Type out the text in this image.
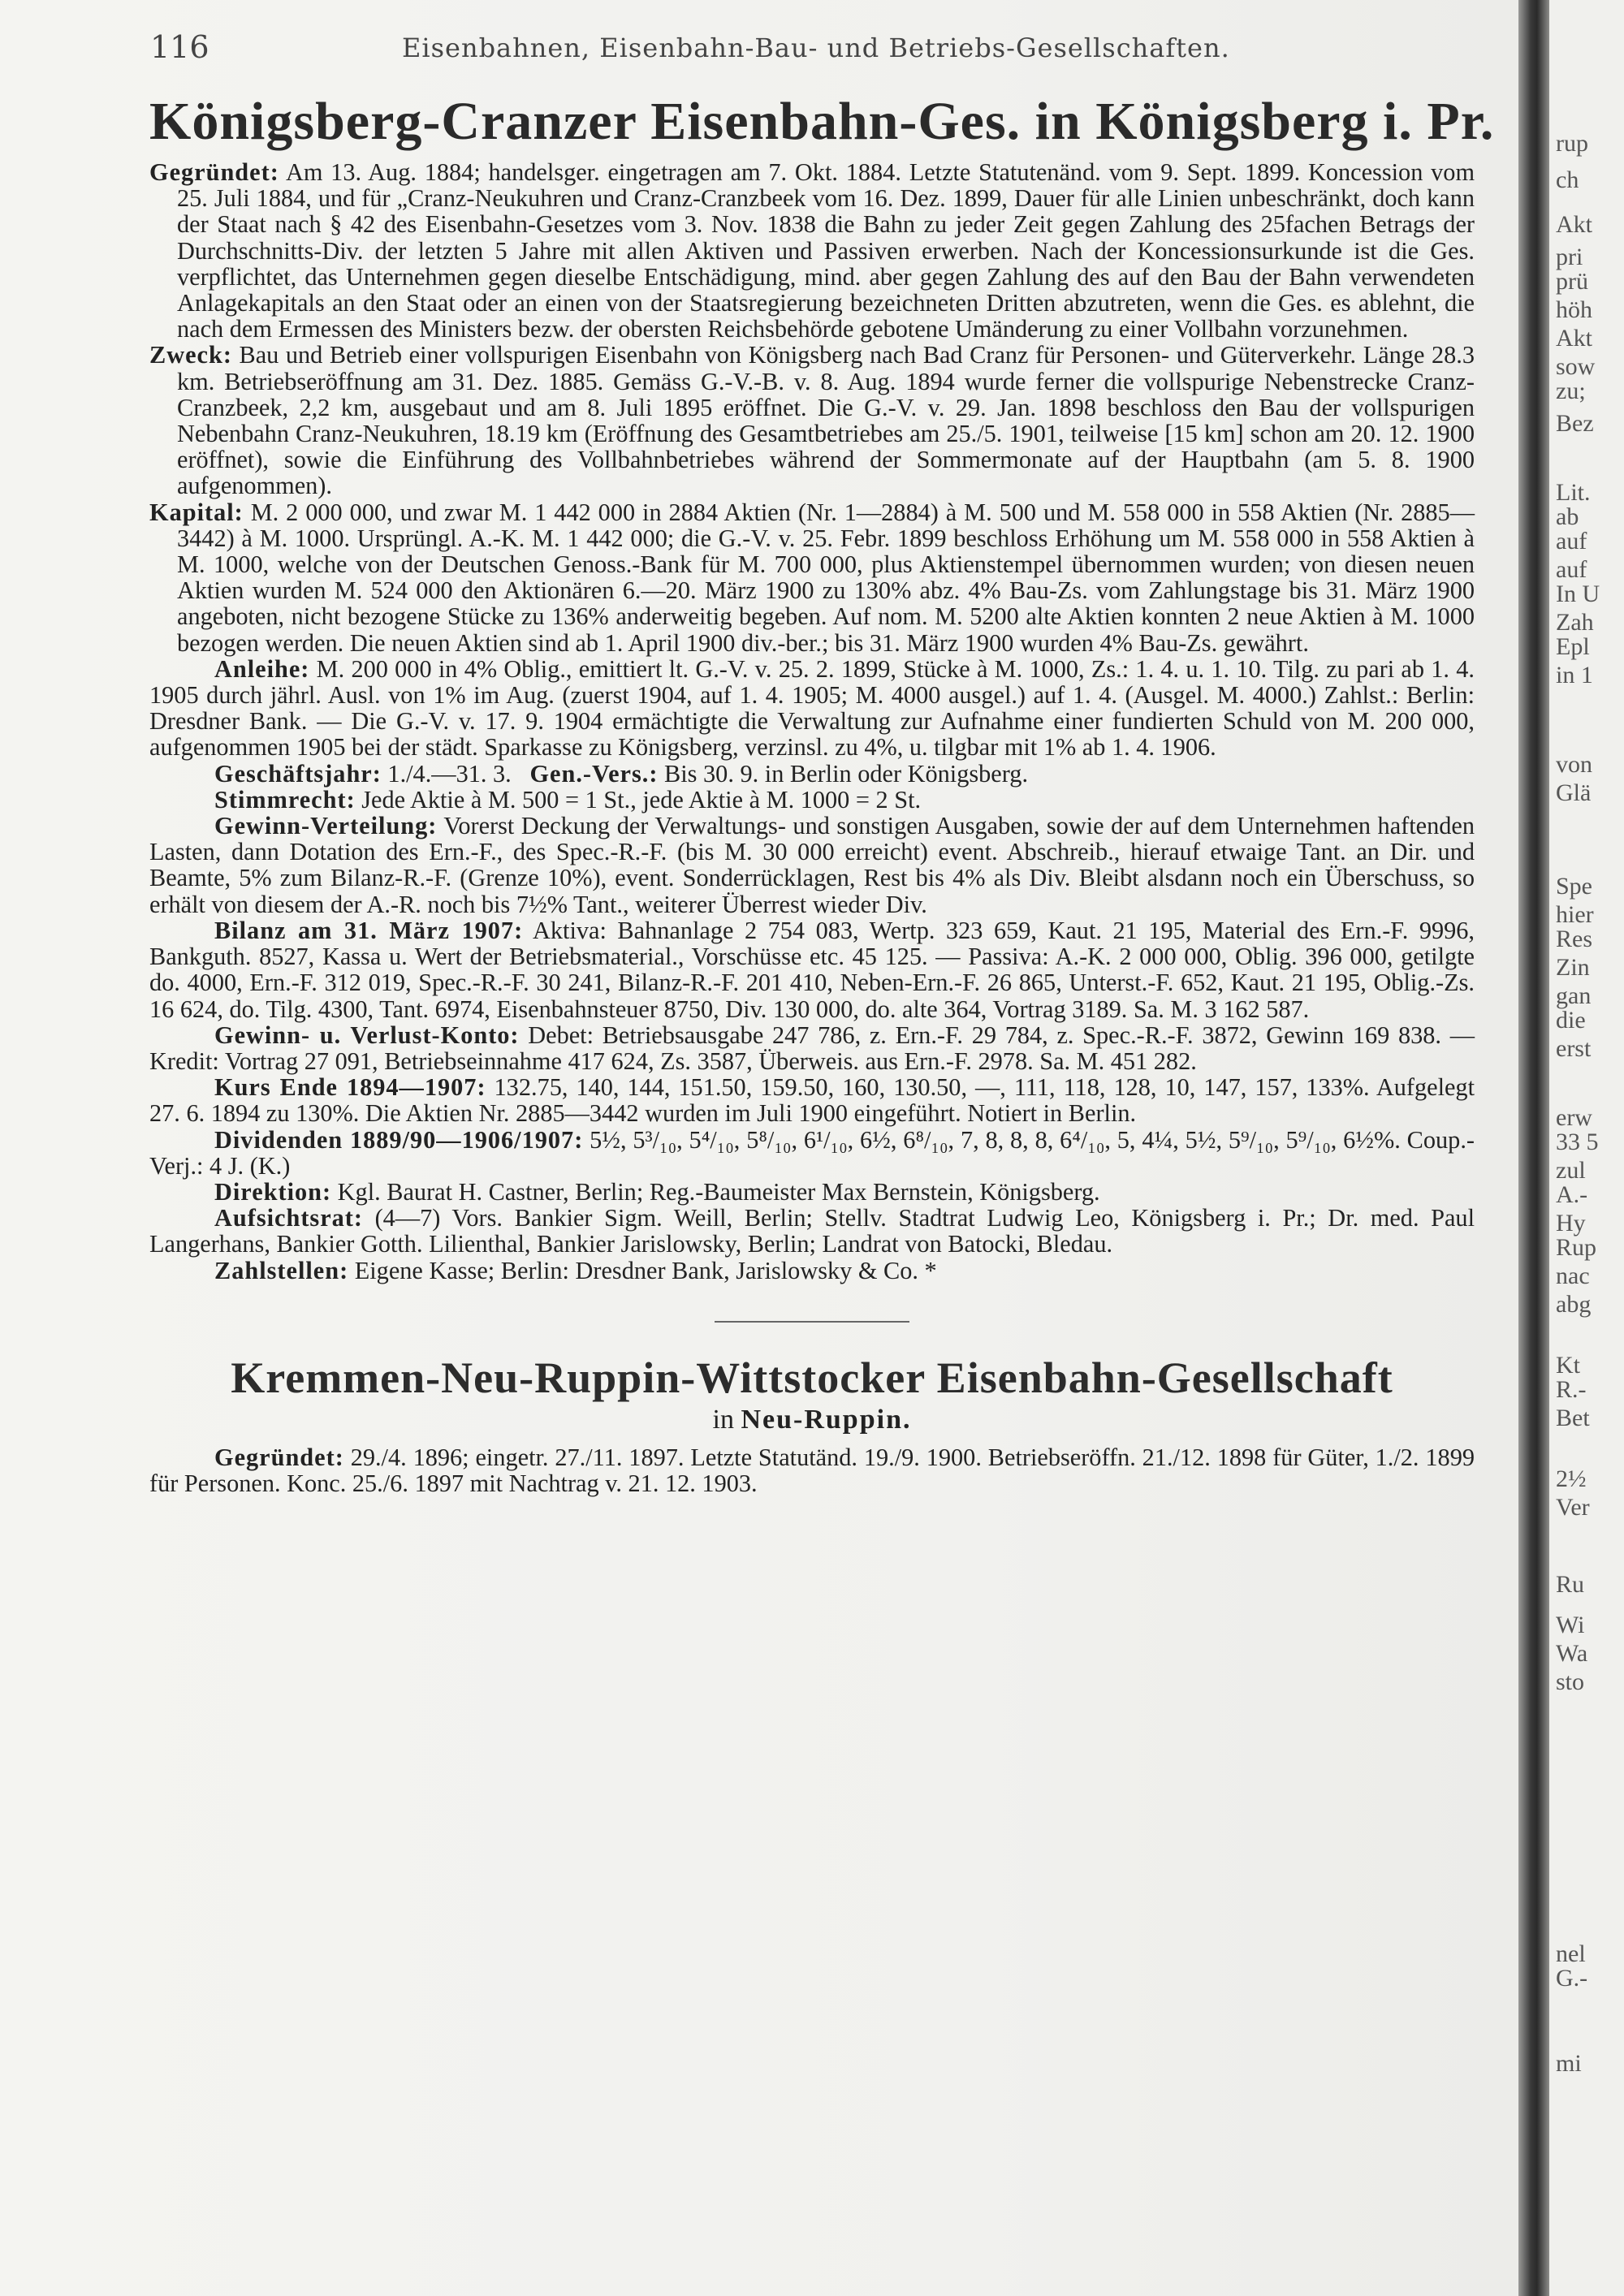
116	Eisenbahnen, Eisenbahn-Bau- und Betriebs-Gesellschaften.
Königsberg-Cranzer Eisenbahn-Ges. in Königsberg i. Pr.

Gegründet: Am 13. Aug. 1884; handelsger. eingetragen am 7. Okt. 1884. Letzte Statutenänd. vom 9. Sept. 1899. Koncession vom 25. Juli 1884, und für „Cranz-Neukuhren und Cranz-Cranzbeek vom 16. Dez. 1899, Dauer für alle Linien unbeschränkt, doch kann der Staat nach § 42 des Eisenbahn-Gesetzes vom 3. Nov. 1838 die Bahn zu jeder Zeit gegen Zahlung des 25fachen Betrags der Durchschnitts-Div. der letzten 5 Jahre mit allen Aktiven und Passiven erwerben. Nach der Koncessionsurkunde ist die Ges. verpflichtet, das Unternehmen gegen dieselbe Entschädigung, mind. aber gegen Zahlung des auf den Bau der Bahn verwendeten Anlagekapitals an den Staat oder an einen von der Staatsregierung bezeichneten Dritten abzutreten, wenn die Ges. es ablehnt, die nach dem Ermessen des Ministers bezw. der obersten Reichsbehörde gebotene Umänderung zu einer Vollbahn vorzunehmen.

Zweck: Bau und Betrieb einer vollspurigen Eisenbahn von Königsberg nach Bad Cranz für Personen- und Güterverkehr. Länge 28.3 km. Betriebseröffnung am 31. Dez. 1885. Gemäss G.-V.-B. v. 8. Aug. 1894 wurde ferner die vollspurige Nebenstrecke Cranz-Cranzbeek, 2,2 km, ausgebaut und am 8. Juli 1895 eröffnet. Die G.-V. v. 29. Jan. 1898 beschloss den Bau der vollspurigen Nebenbahn Cranz-Neukuhren, 18.19 km (Eröffnung des Gesamtbetriebes am 25./5. 1901, teilweise [15 km] schon am 20. 12. 1900 eröffnet), sowie die Einführung des Vollbahnbetriebes während der Sommermonate auf der Hauptbahn (am 5. 8. 1900 aufgenommen).

Kapital: M. 2 000 000, und zwar M. 1 442 000 in 2884 Aktien (Nr. 1—2884) à M. 500 und M. 558 000 in 558 Aktien (Nr. 2885—3442) à M. 1000. Ursprüngl. A.-K. M. 1 442 000; die G.-V. v. 25. Febr. 1899 beschloss Erhöhung um M. 558 000 in 558 Aktien à M. 1000, welche von der Deutschen Genoss.-Bank für M. 700 000, plus Aktienstempel übernommen wurden; von diesen neuen Aktien wurden M. 524 000 den Aktionären 6.—20. März 1900 zu 130% abz. 4% Bau-Zs. vom Zahlungstage bis 31. März 1900 angeboten, nicht bezogene Stücke zu 136% anderweitig begeben. Auf nom. M. 5200 alte Aktien konnten 2 neue Aktien à M. 1000 bezogen werden. Die neuen Aktien sind ab 1. April 1900 div.-ber.; bis 31. März 1900 wurden 4% Bau-Zs. gewährt.

Anleihe: M. 200 000 in 4% Oblig., emittiert lt. G.-V. v. 25. 2. 1899, Stücke à M. 1000, Zs.: 1. 4. u. 1. 10. Tilg. zu pari ab 1. 4. 1905 durch jährl. Ausl. von 1% im Aug. (zuerst 1904, auf 1. 4. 1905; M. 4000 ausgel.) auf 1. 4. (Ausgel. M. 4000.) Zahlst.: Berlin: Dresdner Bank. — Die G.-V. v. 17. 9. 1904 ermächtigte die Verwaltung zur Aufnahme einer fundierten Schuld von M. 200 000, aufgenommen 1905 bei der städt. Sparkasse zu Königsberg, verzinsl. zu 4%, u. tilgbar mit 1% ab 1. 4. 1906.

Geschäftsjahr: 1./4.—31. 3. Gen.-Vers.: Bis 30. 9. in Berlin oder Königsberg.

Stimmrecht: Jede Aktie à M. 500 = 1 St., jede Aktie à M. 1000 = 2 St.

Gewinn-Verteilung: Vorerst Deckung der Verwaltungs- und sonstigen Ausgaben, sowie der auf dem Unternehmen haftenden Lasten, dann Dotation des Ern.-F., des Spec.-R.-F. (bis M. 30 000 erreicht) event. Abschreib., hierauf etwaige Tant. an Dir. und Beamte, 5% zum Bilanz-R.-F. (Grenze 10%), event. Sonderrücklagen, Rest bis 4% als Div. Bleibt alsdann noch ein Überschuss, so erhält von diesem der A.-R. noch bis 7½% Tant., weiterer Überrest wieder Div.

Bilanz am 31. März 1907: Aktiva: Bahnanlage 2 754 083, Wertp. 323 659, Kaut. 21 195, Material des Ern.-F. 9996, Bankguth. 8527, Kassa u. Wert der Betriebsmaterial., Vorschüsse etc. 45 125. — Passiva: A.-K. 2 000 000, Oblig. 396 000, getilgte do. 4000, Ern.-F. 312 019, Spec.-R.-F. 30 241, Bilanz-R.-F. 201 410, Neben-Ern.-F. 26 865, Unterst.-F. 652, Kaut. 21 195, Oblig.-Zs. 16 624, do. Tilg. 4300, Tant. 6974, Eisenbahnsteuer 8750, Div. 130 000, do. alte 364, Vortrag 3189. Sa. M. 3 162 587.

Gewinn- u. Verlust-Konto: Debet: Betriebsausgabe 247 786, z. Ern.-F. 29 784, z. Spec.-R.-F. 3872, Gewinn 169 838. — Kredit: Vortrag 27 091, Betriebseinnahme 417 624, Zs. 3587, Überweis. aus Ern.-F. 2978. Sa. M. 451 282.

Kurs Ende 1894—1907: 132.75, 140, 144, 151.50, 159.50, 160, 130.50, —, 111, 118, 128, 10, 147, 157, 133%. Aufgelegt 27. 6. 1894 zu 130%. Die Aktien Nr. 2885—3442 wurden im Juli 1900 eingeführt. Notiert in Berlin.

Dividenden 1889/90—1906/1907: 5½, 5³/₁₀, 5⁴/₁₀, 5⁸/₁₀, 6¹/₁₀, 6½, 6⁸/₁₀, 7, 8, 8, 8, 6⁴/₁₀, 5, 4¼, 5½, 5⁹/₁₀, 5⁹/₁₀, 6½%. Coup.-Verj.: 4 J. (K.)

Direktion: Kgl. Baurat H. Castner, Berlin; Reg.-Baumeister Max Bernstein, Königsberg.

Aufsichtsrat: (4—7) Vors. Bankier Sigm. Weill, Berlin; Stellv. Stadtrat Ludwig Leo, Königsberg i. Pr.; Dr. med. Paul Langerhans, Bankier Gotth. Lilienthal, Bankier Jarislowsky, Berlin; Landrat von Batocki, Bledau.

Zahlstellen: Eigene Kasse; Berlin: Dresdner Bank, Jarislowsky & Co. *

Kremmen-Neu-Ruppin-Wittstocker Eisenbahn-Gesellschaft
in Neu-Ruppin.

Gegründet: 29./4. 1896; eingetr. 27./11. 1897. Letzte Statutänd. 19./9. 1900. Betriebseröffn. 21./12. 1898 für Güter, 1./2. 1899 für Personen. Konc. 25./6. 1897 mit Nachtrag v. 21. 12. 1903.

rup
ch
Akt
pri
prü
höh
Akt
sow
zu;
Bez
Lit.
ab
auf
auf
In U
Zah
Epl
in 1
von
Glä
Spe
hier
Res
Zin
gan
die
erst
erw
33 5
zul
A.-
Hy
Rup
nac
abg
Kt
R.-
Bet
2½
Ver
Ru
Wi
Wa
sto
nel
G.-
mi
